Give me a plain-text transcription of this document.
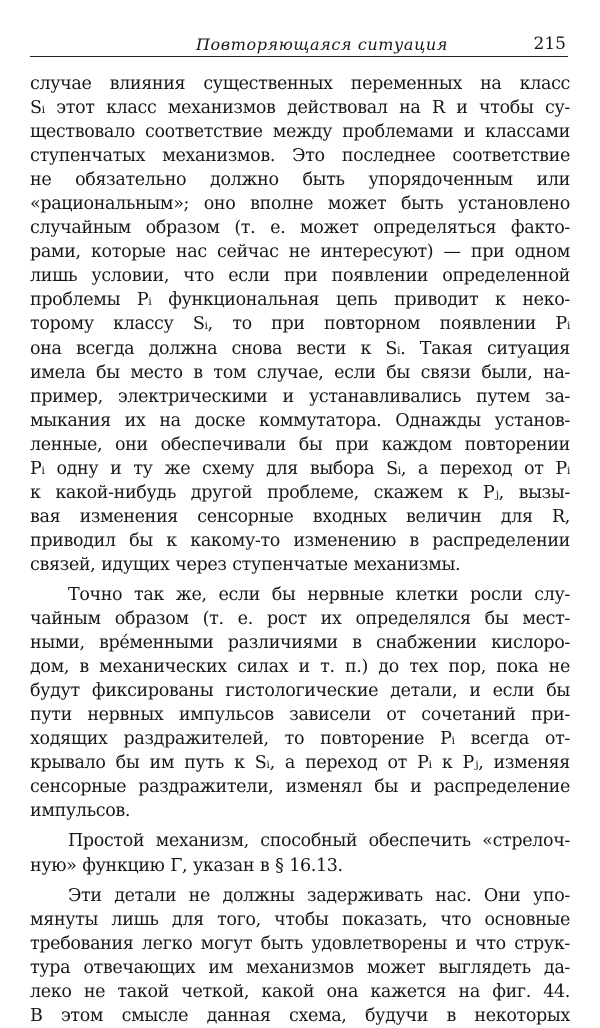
Повторяющаяся ситуация	215
случае влияния существенных переменных на класс
Sᵢ этот класс механизмов действовал на R и чтобы су-
ществовало соответствие между проблемами и классами
ступенчатых механизмов. Это последнее соответствие
не обязательно должно быть упорядоченным или
«рациональным»; оно вполне может быть установлено
случайным образом (т. е. может определяться факто-
рами, которые нас сейчас не интересуют) — при одном
лишь условии, что если при появлении определенной
проблемы Pᵢ функциональная цепь приводит к неко-
торому классу Sᵢ, то при повторном появлении Pᵢ
она всегда должна снова вести к Sᵢ. Такая ситуация
имела бы место в том случае, если бы связи были, на-
пример, электрическими и устанавливались путем за-
мыкания их на доске коммутатора. Однажды установ-
ленные, они обеспечивали бы при каждом повторении
Pᵢ одну и ту же схему для выбора Sᵢ, а переход от Pᵢ
к какой-нибудь другой проблеме, скажем к Pⱼ, вызы-
вая изменения сенсорные входных величин для R,
приводил бы к какому-то изменению в распределении
связей, идущих через ступенчатые механизмы.
Точно так же, если бы нервные клетки росли слу-
чайным образом (т. е. рост их определялся бы мест-
ными, вре́менными различиями в снабжении кислоро-
дом, в механических силах и т. п.) до тех пор, пока не
будут фиксированы гистологические детали, и если бы
пути нервных импульсов зависели от сочетаний при-
ходящих раздражителей, то повторение Pᵢ всегда от-
крывало бы им путь к Sᵢ, а переход от Pᵢ к Pⱼ, изменяя
сенсорные раздражители, изменял бы и распределение
импульсов.
Простой механизм, способный обеспечить «стрелоч-
ную» функцию Γ, указан в § 16.13.
Эти детали не должны задерживать нас. Они упо-
мянуты лишь для того, чтобы показать, что основные
требования легко могут быть удовлетворены и что струк-
тура отвечающих им механизмов может выглядеть да-
леко не такой четкой, какой она кажется на фиг. 44.
В этом смысле данная схема, будучи в некоторых
